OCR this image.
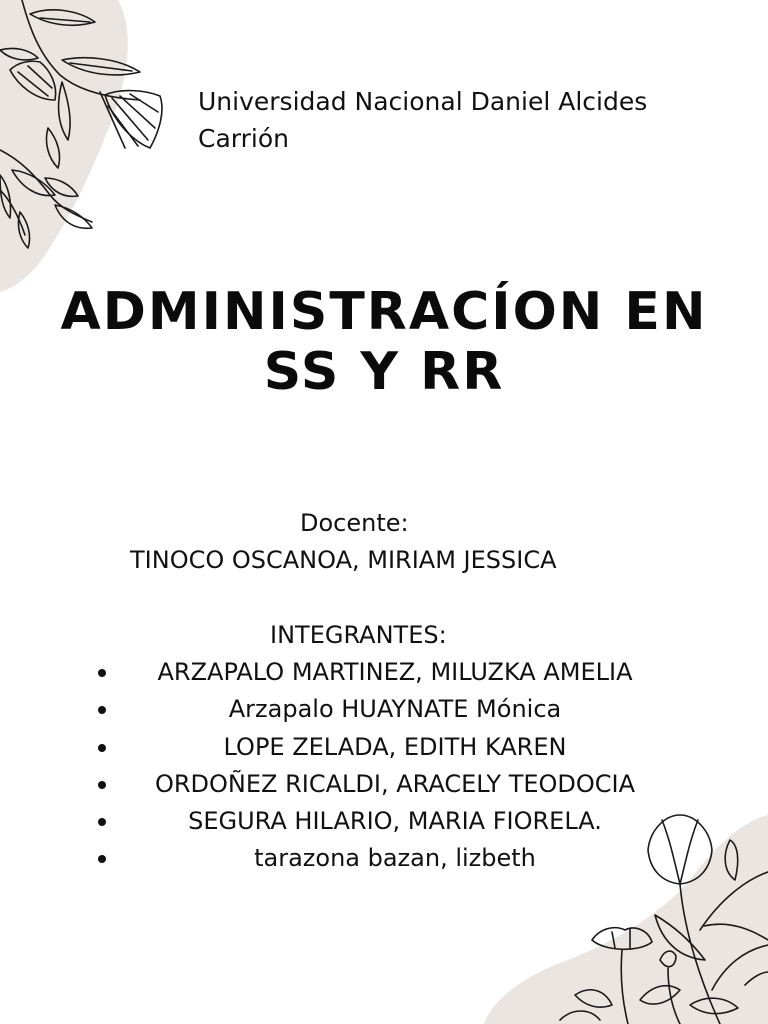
Universidad Nacional Daniel Alcides Carrión
ADMINISTRACÍON EN
SS Y RR
Docente:
TINOCO OSCANOA, MIRIAM JESSICA
INTEGRANTES:
ARZAPALO MARTINEZ, MILUZKA AMELIA
Arzapalo HUAYNATE Mónica
LOPE ZELADA, EDITH KAREN
ORDOÑEZ RICALDI, ARACELY TEODOCIA
SEGURA HILARIO, MARIA FIORELA.
tarazona bazan, lizbeth
